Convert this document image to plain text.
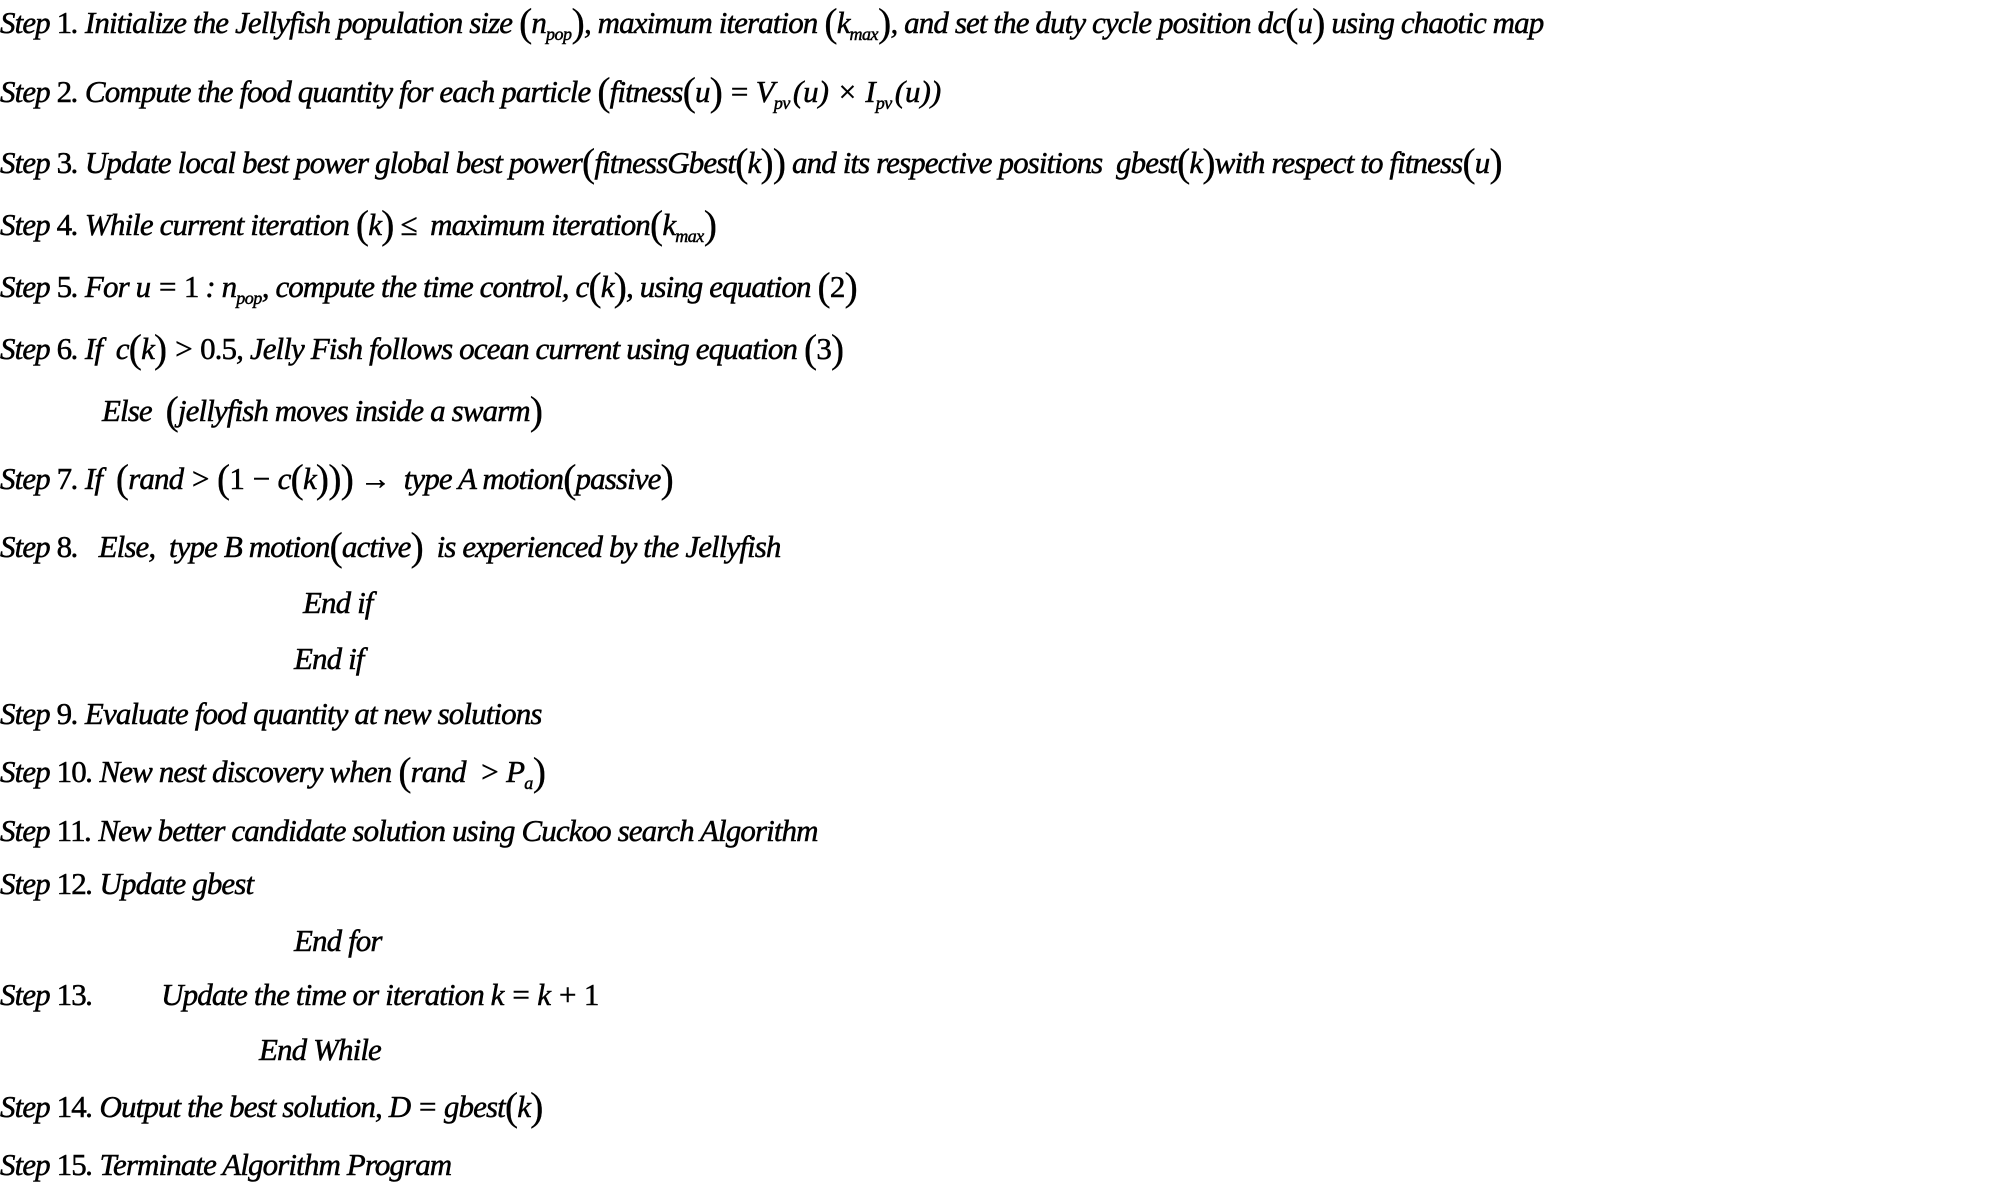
Step 1. Initialize the Jellyfish population size $(n_{pop})$, maximum iteration $(k_{max})$, and set the duty cycle position dc(u) using chaotic map
Step 2. Compute the food quantity for each particle (fitness(u) = $V_{pv}(u) \times I_{pv}(u)$)
Step 3. Update local best power global best power(fitnessGbest(k)) and its respective positions  gbest(k)with respect to fitness(u)
Step 4. While current iteration (k) ≤  maximum $iteration(k_{max})$
Step 5. For u = 1 : $n_{pop}$, compute the time control, c(k), using equation (2)
Step 6. If  c(k) > 0.5, Jelly Fish follows ocean current using equation (3)
Else  (jellyfish moves inside a swarm)
Step 7. If  (rand > (1 − c(k))) →  type A motion(passive)
Step 8.   Else,  type B motion(active)  is experienced by the Jellyfish
End if
End if
Step 9. Evaluate food quantity at new solutions
Step 10. New nest discovery when (rand  > $P_a$)
Step 11. New better candidate solution using Cuckoo search Algorithm
Step 12. Update gbest
End for
Step 13.          Update the time or iteration k = k + 1
End While
Step 14. Output the best solution, D = gbest(k)
Step 15. Terminate Algorithm Program
